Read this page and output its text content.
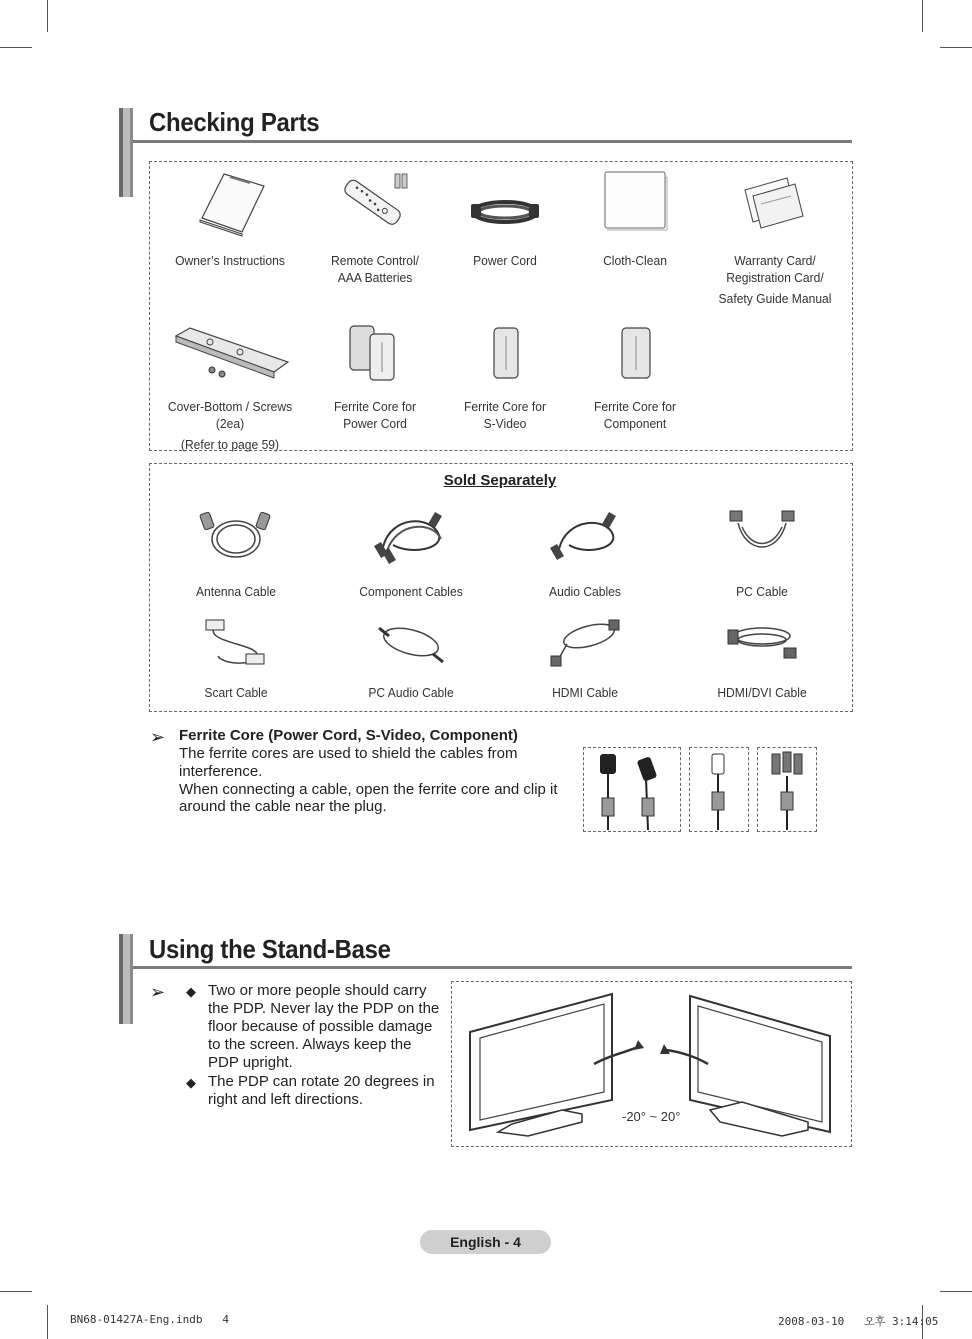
Checking Parts
Owner’s Instructions	Remote Control/
AAA Batteries
Power Cord	Cloth-Clean	Warranty Card/
Registration Card/
Safety Guide Manual
Cover-Bottom / Screws (2ea)
(Refer to page 59)
Ferrite Core for
Power Cord
Ferrite Core for
S-Video
Ferrite Core for
Component
Sold Separately
Antenna Cable	Component Cables	Audio Cables	PC Cable
Scart Cable	PC Audio Cable	HDMI Cable	HDMI/DVI Cable
➢ Ferrite Core (Power Cord, S-Video, Component)
The ferrite cores are used to shield the cables from
interference.
When connecting a cable, open the ferrite core and clip it
around the cable near the plug.
Using the Stand-Base
➢ ◆ Two or more people should carry the PDP. Never lay the PDP on the floor because of possible damage to the screen. Always keep the PDP upright.
◆ The PDP can rotate 20 degrees in right and left directions.
-20° ~ 20°
English - 4
BN68-01427A-Eng.indb   4	2008-03-10   오후 3:14:05
